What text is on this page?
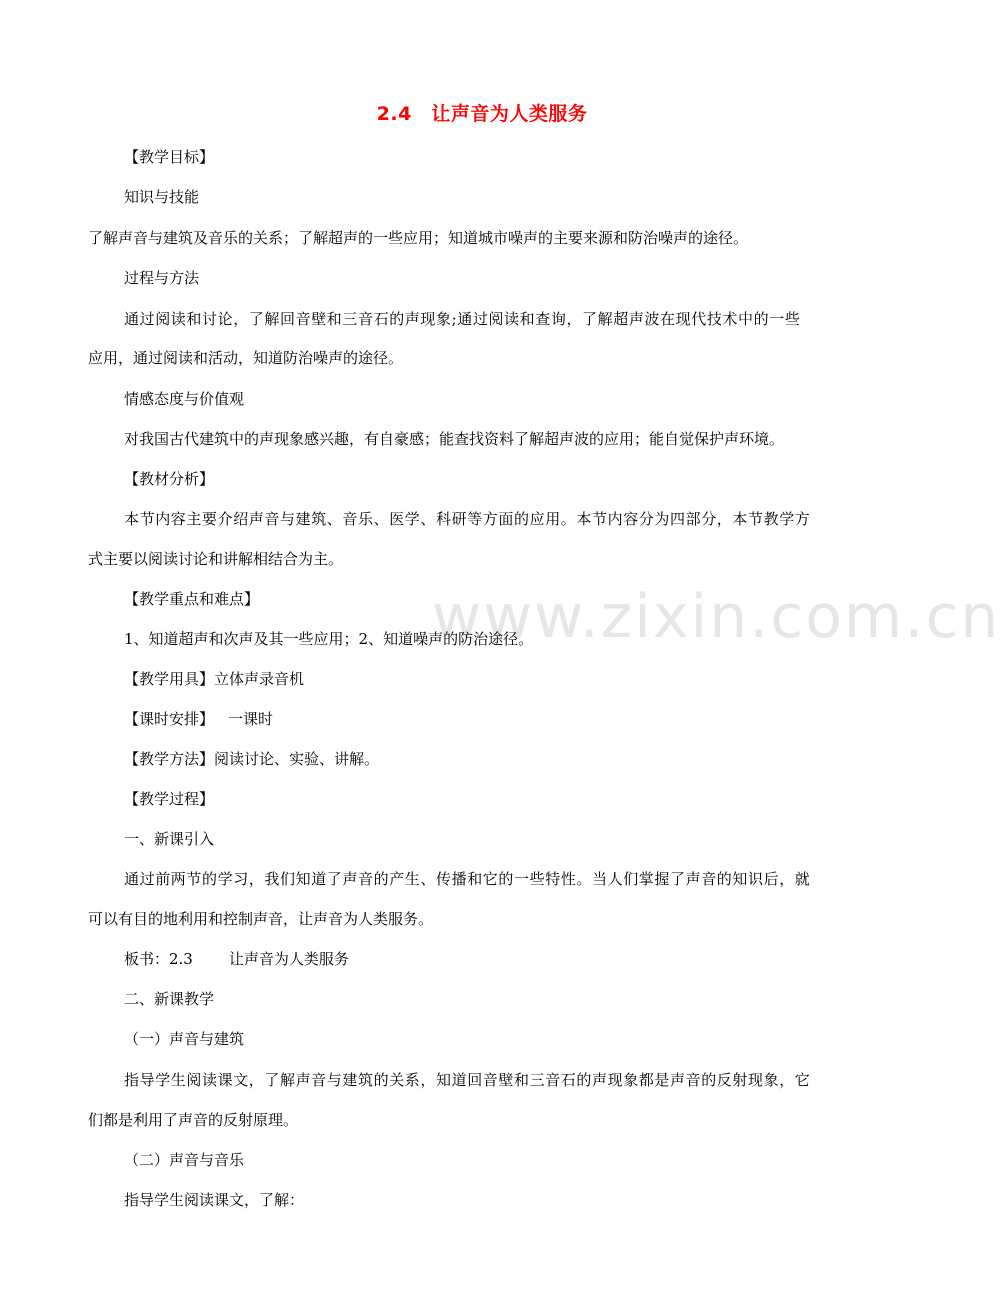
www.zixin.com.cn
2.4　让声音为人类服务
【教学目标】
知识与技能
了解声音与建筑及音乐的关系；了解超声的一些应用；知道城市噪声的主要来源和防治噪声的途径。
过程与方法
通过阅读和讨论，了解回音壁和三音石的声现象;通过阅读和查询，了解超声波在现代技术中的一些
应用，通过阅读和活动，知道防治噪声的途径。
情感态度与价值观
对我国古代建筑中的声现象感兴趣，有自豪感；能查找资料了解超声波的应用；能自觉保护声环境。
【教材分析】
本节内容主要介绍声音与建筑、音乐、医学、科研等方面的应用。本节内容分为四部分，本节教学方
式主要以阅读讨论和讲解相结合为主。
【教学重点和难点】
1、知道超声和次声及其一些应用；2、知道噪声的防治途径。
【教学用具】立体声录音机
【课时安排】 一课时
【教学方法】阅读讨论、实验、讲解。
【教学过程】
一、新课引入
通过前两节的学习，我们知道了声音的产生、传播和它的一些特性。当人们掌握了声音的知识后，就
可以有目的地利用和控制声音，让声音为人类服务。
板书：2.3 让声音为人类服务
二、新课教学
（一）声音与建筑
指导学生阅读课文，了解声音与建筑的关系，知道回音壁和三音石的声现象都是声音的反射现象，它
们都是利用了声音的反射原理。
（二）声音与音乐
指导学生阅读课文，了解：
